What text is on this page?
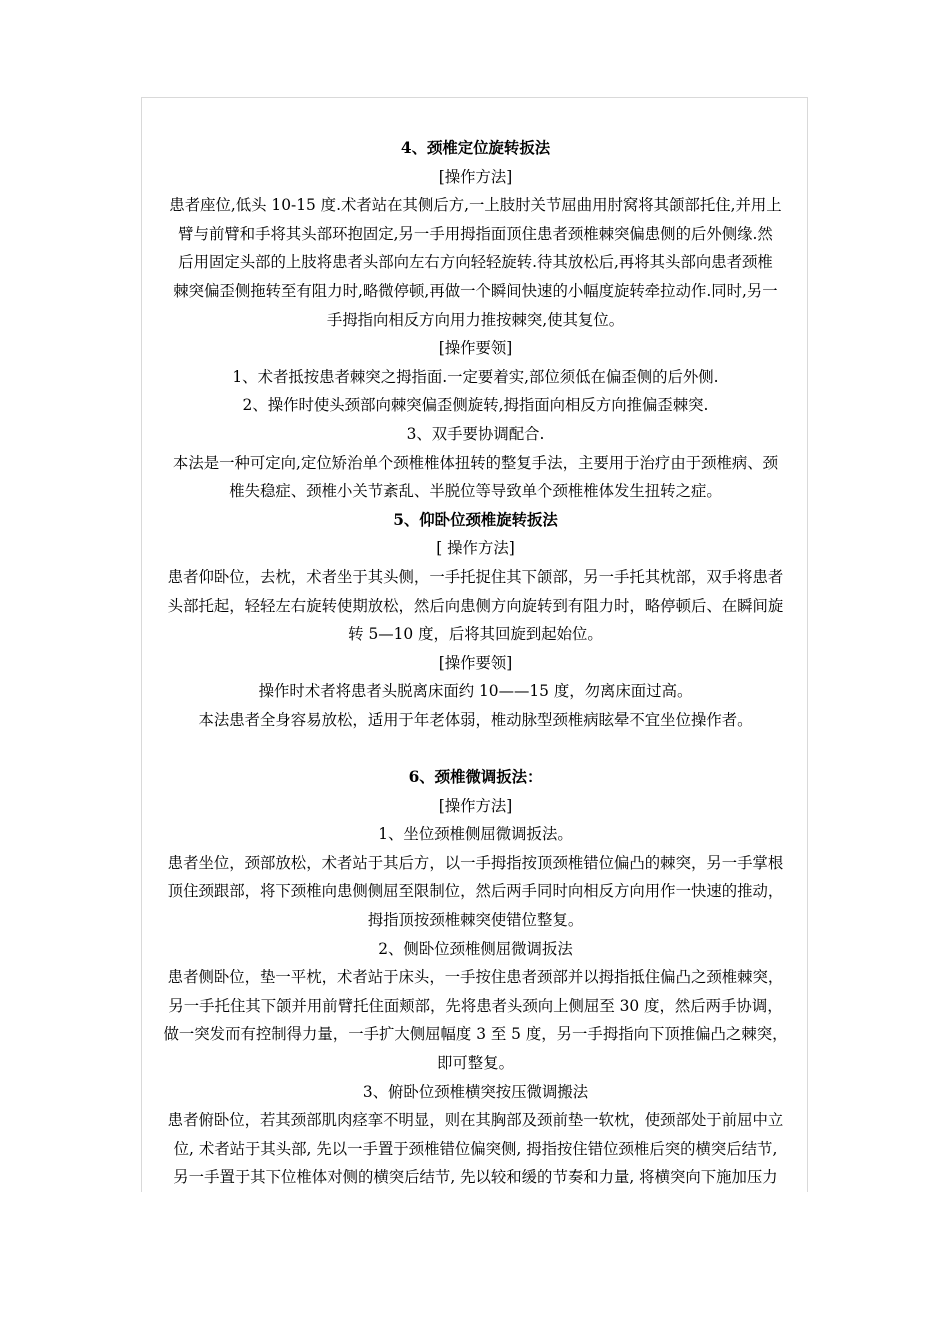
4、颈椎定位旋转扳法

[操作方法]

患者座位,低头 10-15 度.术者站在其侧后方,一上肢肘关节屈曲用肘窝将其颌部托住,并用上

臂与前臂和手将其头部环抱固定,另一手用拇指面顶住患者颈椎棘突偏患侧的后外侧缘.然

后用固定头部的上肢将患者头部向左右方向轻轻旋转.待其放松后,再将其头部向患者颈椎

棘突偏歪侧拖转至有阻力时,略微停顿,再做一个瞬间快速的小幅度旋转牵拉动作.同时,另一

手拇指向相反方向用力推按棘突,使其复位。

[操作要领]

1、术者抵按患者棘突之拇指面.一定要着实,部位须低在偏歪侧的后外侧.

2、操作时使头颈部向棘突偏歪侧旋转,拇指面向相反方向推偏歪棘突.

3、双手要协调配合.

本法是一种可定向,定位矫治单个颈椎椎体扭转的整复手法，主要用于治疗由于颈椎病、颈

椎失稳症、颈椎小关节紊乱、半脱位等导致单个颈椎椎体发生扭转之症。

5、仰卧位颈椎旋转扳法

[ 操作方法]

患者仰卧位，去枕，术者坐于其头侧，一手托捉住其下颌部，另一手托其枕部，双手将患者

头部托起，轻轻左右旋转使期放松，然后向患侧方向旋转到有阻力时，略停顿后、在瞬间旋

转 5—10 度，后将其回旋到起始位。

[操作要领]

操作时术者将患者头脱离床面约 10——15 度，勿离床面过高。

本法患者全身容易放松，适用于年老体弱，椎动脉型颈椎病眩晕不宜坐位操作者。

6、颈椎微调扳法：

[操作方法]

1、坐位颈椎侧屈微调扳法。

患者坐位，颈部放松，术者站于其后方，以一手拇指按顶颈椎错位偏凸的棘突，另一手掌根

顶住颈跟部，将下颈椎向患侧侧屈至限制位，然后两手同时向相反方向用作一快速的推动，

拇指顶按颈椎棘突使错位整复。

2、侧卧位颈椎侧屈微调扳法

患者侧卧位，垫一平枕，术者站于床头，一手按住患者颈部并以拇指抵住偏凸之颈椎棘突，

另一手托住其下颌并用前臂托住面颊部，先将患者头颈向上侧屈至 30 度，然后两手协调，

做一突发而有控制得力量，一手扩大侧屈幅度 3 至 5 度，另一手拇指向下顶推偏凸之棘突，

即可整复。

3、俯卧位颈椎横突按压微调搬法

患者俯卧位，若其颈部肌肉痉挛不明显，则在其胸部及颈前垫一软枕，使颈部处于前屈中立

位, 术者站于其头部, 先以一手置于颈椎错位偏突侧, 拇指按住错位颈椎后突的横突后结节,

另一手置于其下位椎体对侧的横突后结节, 先以较和缓的节奏和力量, 将横突向下施加压力
